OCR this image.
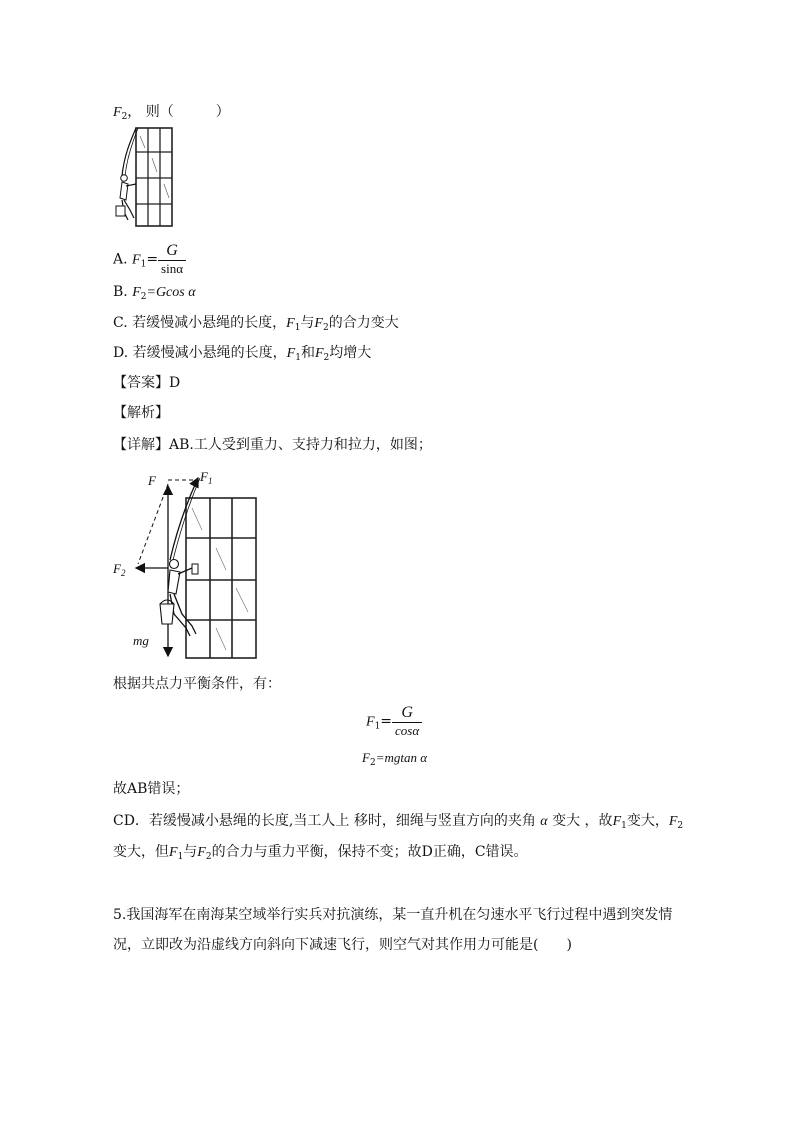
$F_2$， 则（　　　）
A. $F_1= \frac{G}{\sin\alpha}$
B. $F_2=Gcos$ α
C. 若缓慢减小悬绳的长度，$F_1$与$F_2$的合力变大
D. 若缓慢减小悬绳的长度，$F_1$和$F_2$均增大
【答案】D
【解析】
【详解】AB.工人受到重力、支持力和拉力，如图；
F	$F_1$
$F_2$
mg
根据共点力平衡条件，有：
$F_1= \frac{G}{\cos\alpha}$
$F_2=mgtan$ α
故AB错误；
CD．若缓慢减小悬绳的长度,当工人上 移时，细绳与竖直方向的夹角 α 变大 ，故$F_1$变大，$F_2$
变大，但$F_1$与$F_2$的合力与重力平衡，保持不变；故D正确，C错误。
5.我国海军在南海某空域举行实兵对抗演练，某一直升机在匀速水平飞行过程中遇到突发情
况，立即改为沿虚线方向斜向下减速飞行，则空气对其作用力可能是(　　)
